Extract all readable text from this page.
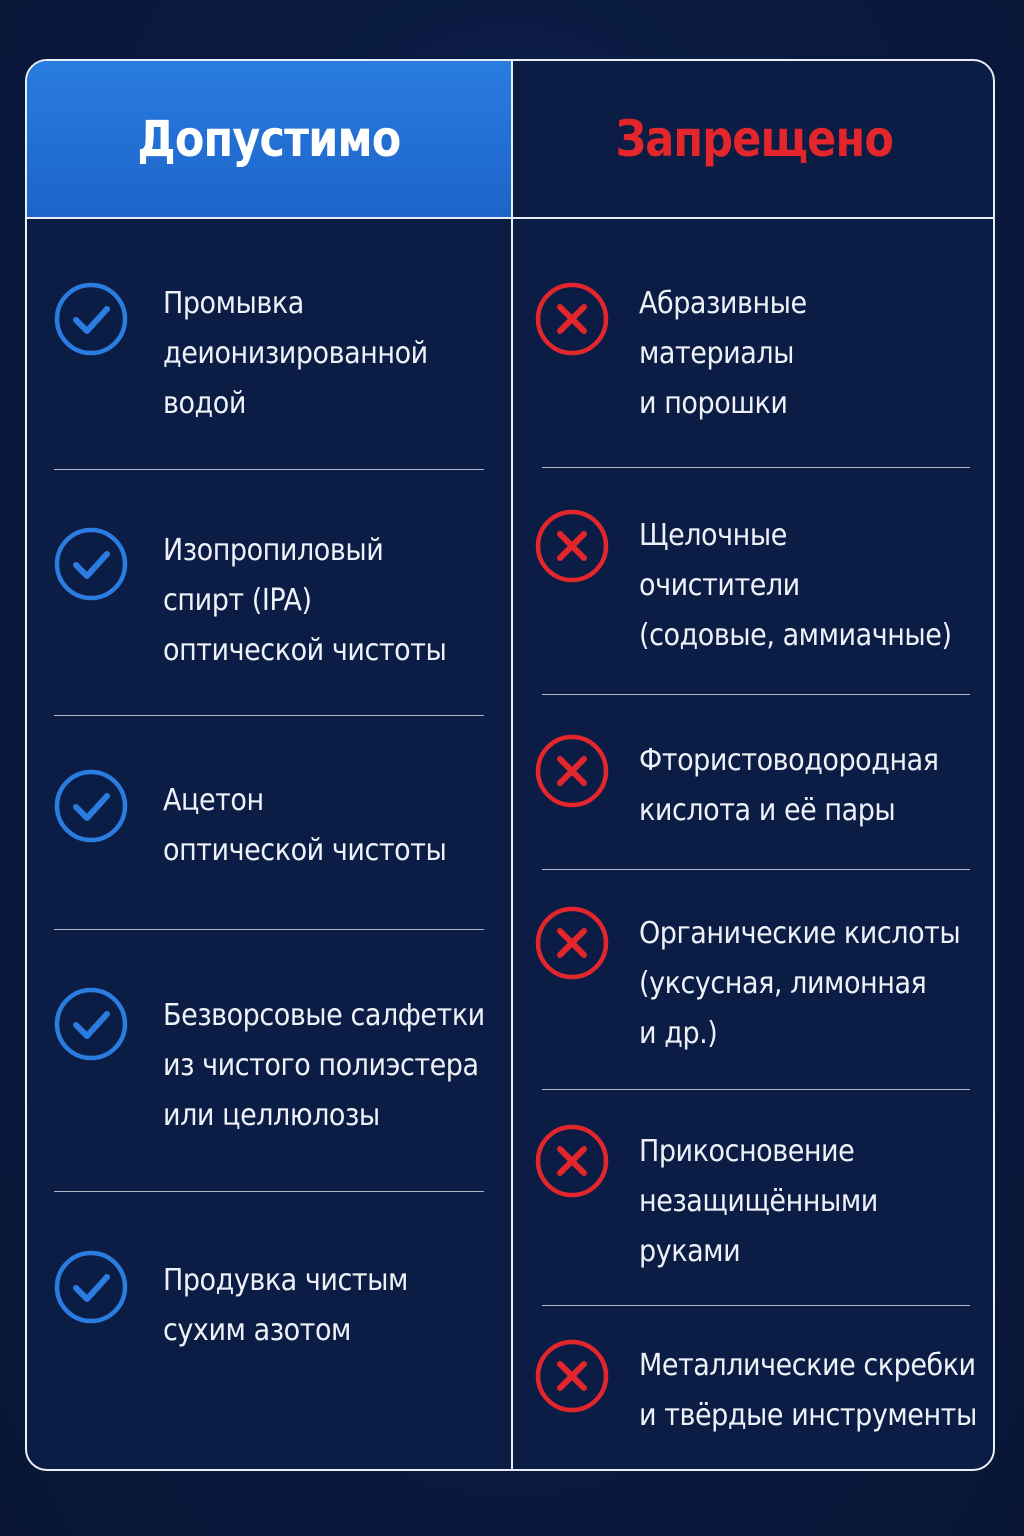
Допустимо	Запрещено
Промывка
деионизированной
водой
Изопропиловый
спирт (IPA)
оптической чистоты
Ацетон
оптической чистоты
Безворсовые салфетки
из чистого полиэстера
или целлюлозы
Продувка чистым
сухим азотом
Абразивные
материалы
и порошки
Щелочные
очистители
(содовые, аммиачные)
Фтористоводородная
кислота и её пары
Органические кислоты
(уксусная, лимонная
и др.)
Прикосновение
незащищёнными
руками
Металлические скребки
и твёрдые инструменты
